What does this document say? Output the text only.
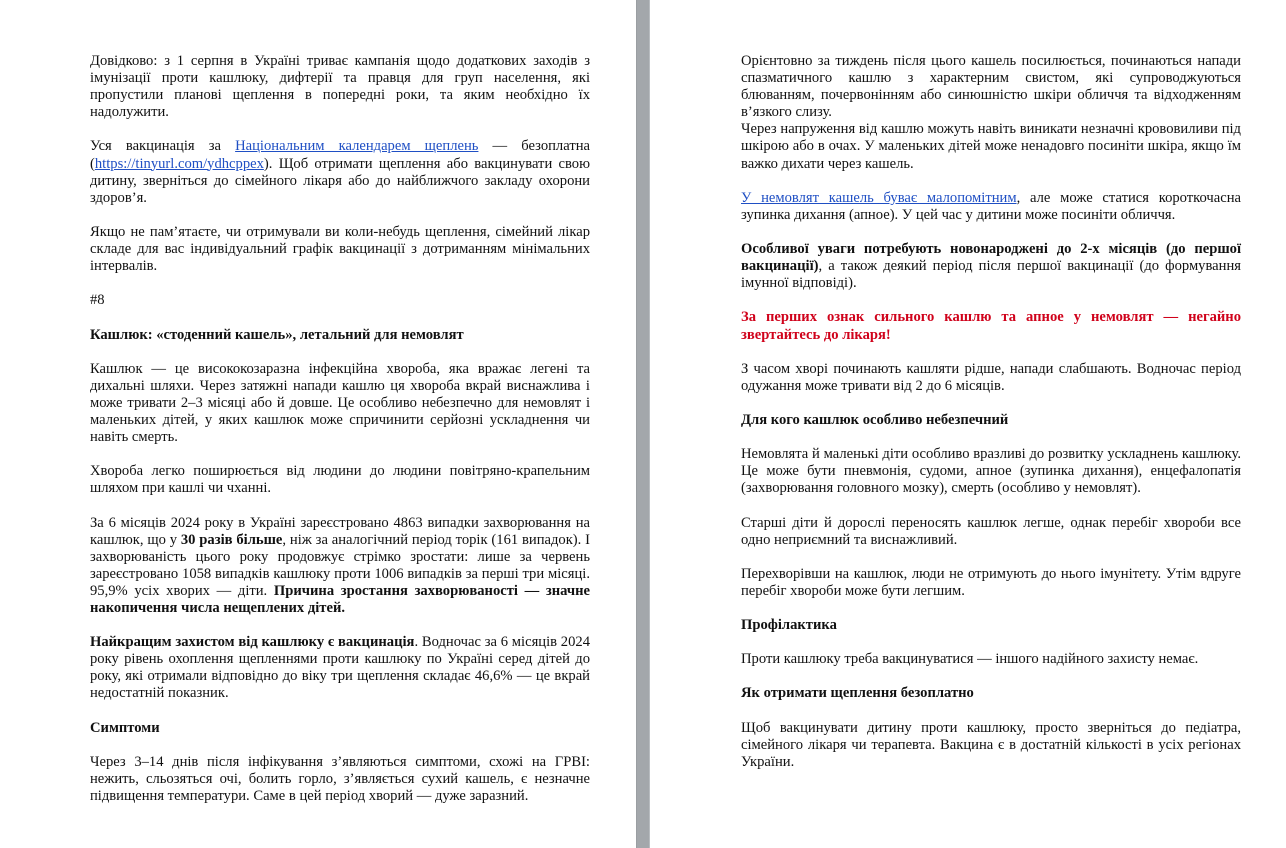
Довідково: з 1 серпня в Україні триває кампанія щодо додаткових заходів з імунізації проти кашлюку, дифтерії та правця для груп населення, які пропустили планові щеплення в попередні роки, та яким необхідно їх надолужити.

Уся вакцинація за Національним календарем щеплень — безоплатна (https://tinyurl.com/ydhcppex). Щоб отримати щеплення або вакцинувати свою дитину, зверніться до сімейного лікаря або до найближчого закладу охорони здоров’я.

Якщо не пам’ятаєте, чи отримували ви коли-небудь щеплення, сімейний лікар складе для вас індивідуальний графік вакцинації з дотриманням мінімальних інтервалів.

#8

Кашлюк: «стоденний кашель», летальний для немовлят

Кашлюк — це висококозаразна інфекційна хвороба, яка вражає легені та дихальні шляхи. Через затяжні напади кашлю ця хвороба вкрай виснажлива і може тривати 2–3 місяці або й довше. Це особливо небезпечно для немовлят і маленьких дітей, у яких кашлюк може спричинити серйозні ускладнення чи навіть смерть.

Хвороба легко поширюється від людини до людини повітряно-крапельним шляхом при кашлі чи чханні.

За 6 місяців 2024 року в Україні зареєстровано 4863 випадки захворювання на кашлюк, що у 30 разів більше, ніж за аналогічний період торік (161 випадок). І захворюваність цього року продовжує стрімко зростати: лише за червень зареєстровано 1058 випадків кашлюку проти 1006 випадків за перші три місяці. 95,9% усіх хворих — діти. Причина зростання захворюваності — значне накопичення числа нещеплених дітей.

Найкращим захистом від кашлюку є вакцинація. Водночас за 6 місяців 2024 року рівень охоплення щепленнями проти кашлюку по Україні серед дітей до року, які отримали відповідно до віку три щеплення складає 46,6% — це вкрай недостатній показник.

Симптоми

Через 3–14 днів після інфікування з’являються симптоми, схожі на ГРВІ: нежить, сльозяться очі, болить горло, з’являється сухий кашель, є незначне підвищення температури. Саме в цей період хворий — дуже заразний.

Орієнтовно за тиждень після цього кашель посилюється, починаються напади спазматичного кашлю з характерним свистом, які супроводжуються блюванням, почервонінням або синюшністю шкіри обличчя та відходженням в’язкого слизу.

Через напруження від кашлю можуть навіть виникати незначні крововиливи під шкірою або в очах. У маленьких дітей може ненадовго посиніти шкіра, якщо їм важко дихати через кашель.

У немовлят кашель буває малопомітним, але може статися короткочасна зупинка дихання (апное). У цей час у дитини може посиніти обличчя.

Особливої уваги потребують новонароджені до 2-х місяців (до першої вакцинації), а також деякий період після першої вакцинації (до формування імунної відповіді).

За перших ознак сильного кашлю та апное у немовлят — негайно звертайтесь до лікаря!

З часом хворі починають кашляти рідше, напади слабшають. Водночас період одужання може тривати від 2 до 6 місяців.

Для кого кашлюк особливо небезпечний

Немовлята й маленькі діти особливо вразливі до розвитку ускладнень кашлюку. Це може бути пневмонія, судоми, апное (зупинка дихання), енцефалопатія (захворювання головного мозку), смерть (особливо у немовлят).

Старші діти й дорослі переносять кашлюк легше, однак перебіг хвороби все одно неприємний та виснажливий.

Перехворівши на кашлюк, люди не отримують до нього імунітету. Утім вдруге перебіг хвороби може бути легшим.

Профілактика

Проти кашлюку треба вакцинуватися — іншого надійного захисту немає.

Як отримати щеплення безоплатно

Щоб вакцинувати дитину проти кашлюку, просто зверніться до педіатра, сімейного лікаря чи терапевта. Вакцина є в достатній кількості в усіх регіонах України.
